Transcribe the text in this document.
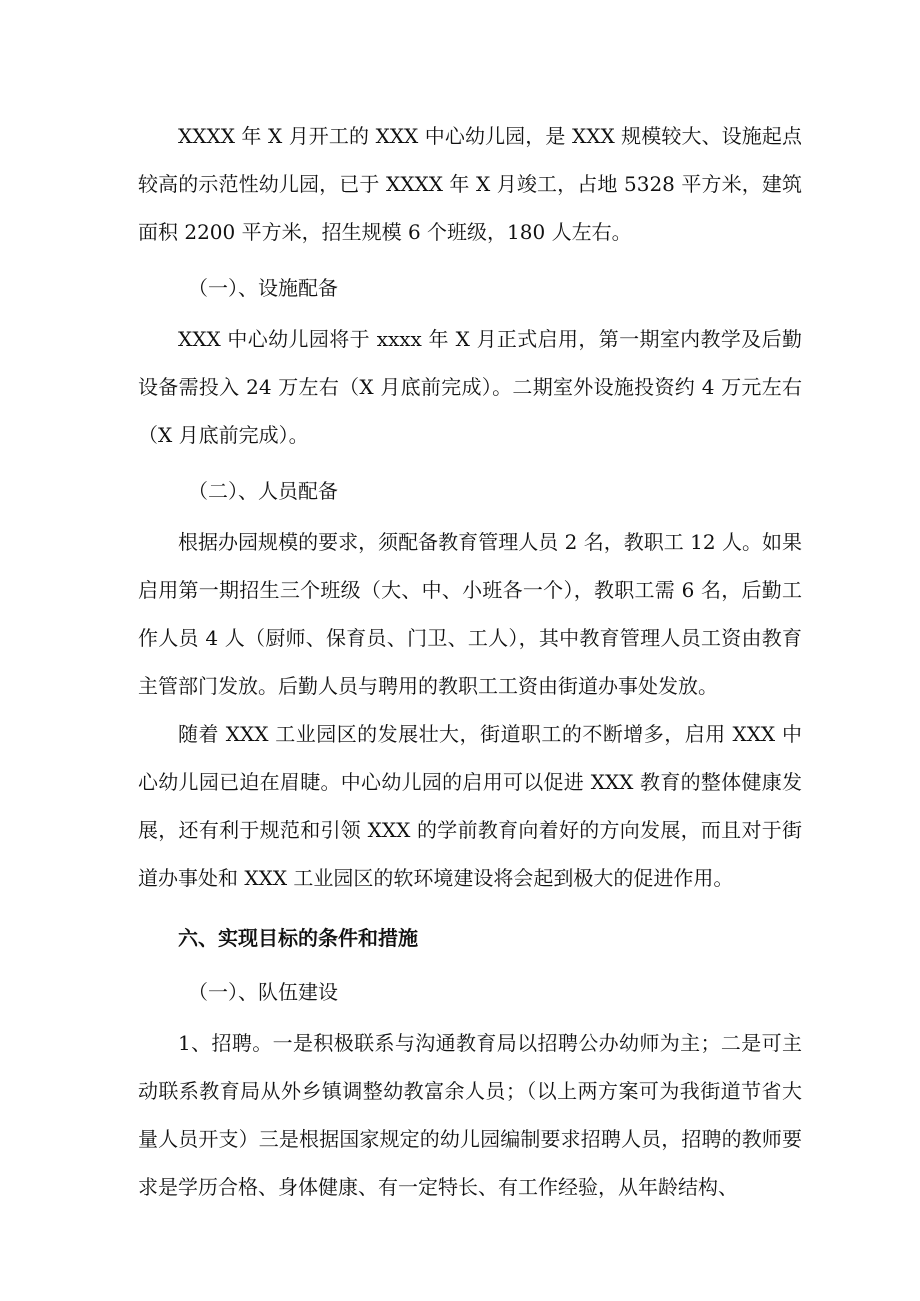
XXXX 年 X 月开工的 XXX 中心幼儿园，是 XXX 规模较大、设施起点较高的示范性幼儿园，已于 XXXX 年 X 月竣工，占地 5328 平方米，建筑面积 2200 平方米，招生规模 6 个班级，180 人左右。

（一）、设施配备

XXX 中心幼儿园将于 xxxx 年 X 月正式启用，第一期室内教学及后勤设备需投入 24 万左右（X 月底前完成）。二期室外设施投资约 4 万元左右（X 月底前完成）。

（二）、人员配备

根据办园规模的要求，须配备教育管理人员 2 名，教职工 12 人。如果启用第一期招生三个班级（大、中、小班各一个），教职工需 6 名，后勤工作人员 4 人（厨师、保育员、门卫、工人），其中教育管理人员工资由教育主管部门发放。后勤人员与聘用的教职工工资由街道办事处发放。

随着 XXX 工业园区的发展壮大，街道职工的不断增多，启用 XXX 中心幼儿园已迫在眉睫。中心幼儿园的启用可以促进 XXX 教育的整体健康发展，还有利于规范和引领 XXX 的学前教育向着好的方向发展，而且对于街道办事处和 XXX 工业园区的软环境建设将会起到极大的促进作用。

六、实现目标的条件和措施

（一）、队伍建设

1、招聘。一是积极联系与沟通教育局以招聘公办幼师为主；二是可主动联系教育局从外乡镇调整幼教富余人员；（以上两方案可为我街道节省大量人员开支）三是根据国家规定的幼儿园编制要求招聘人员，招聘的教师要求是学历合格、身体健康、有一定特长、有工作经验，从年龄结构、
